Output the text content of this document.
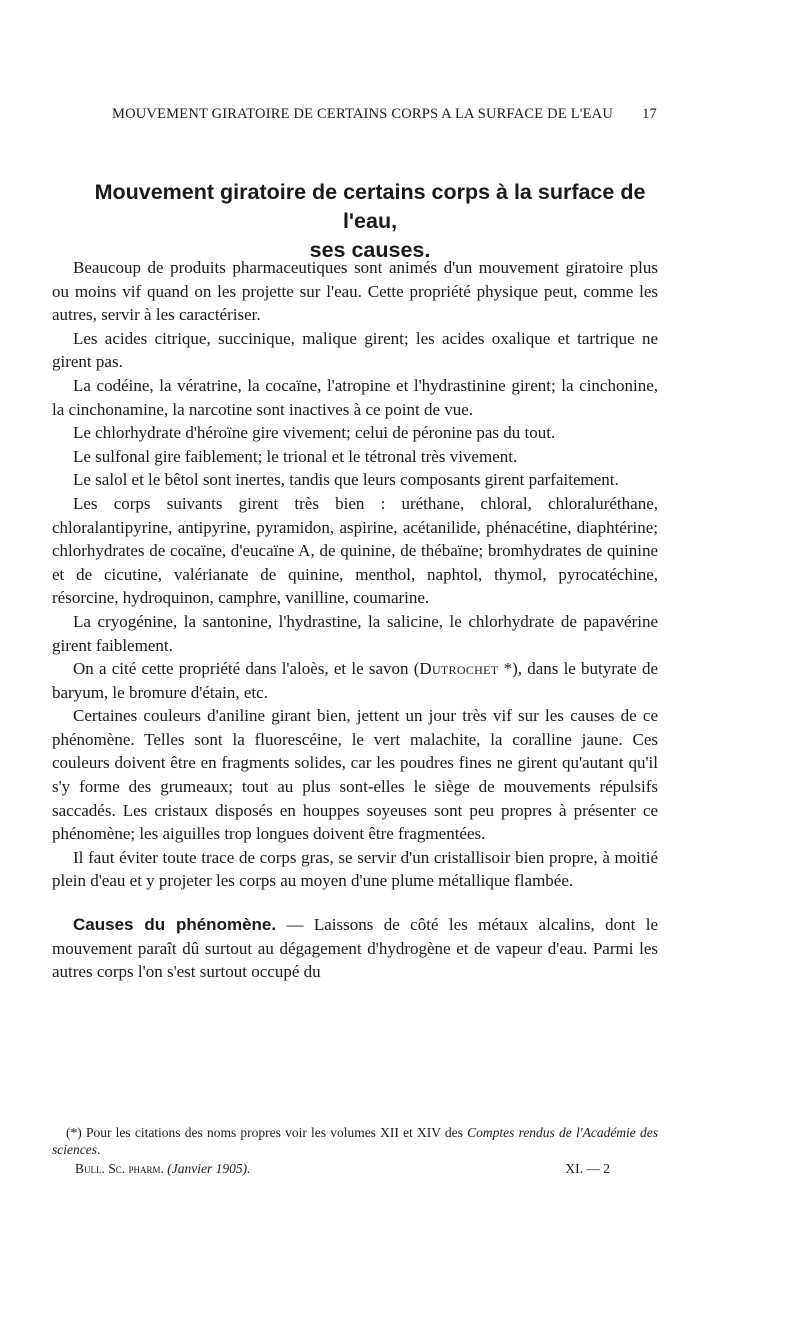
MOUVEMENT GIRATOIRE DE CERTAINS CORPS A LA SURFACE DE L'EAU 17
Mouvement giratoire de certains corps à la surface de l'eau,
ses causes.

Beaucoup de produits pharmaceutiques sont animés d'un mouvement giratoire plus ou moins vif quand on les projette sur l'eau. Cette propriété physique peut, comme les autres, servir à les caractériser.

Les acides citrique, succinique, malique girent; les acides oxalique et tartrique ne girent pas.

La codéine, la vératrine, la cocaïne, l'atropine et l'hydrastinine girent; la cinchonine, la cinchonamine, la narcotine sont inactives à ce point de vue.

Le chlorhydrate d'héroïne gire vivement; celui de péronine pas du tout.

Le sulfonal gire faiblement; le trional et le tétronal très vivement.

Le salol et le bêtol sont inertes, tandis que leurs composants girent parfaitement.

Les corps suivants girent très bien : uréthane, chloral, chloraluréthane, chloralantipyrine, antipyrine, pyramidon, aspirine, acétanilide, phénacétine, diaphtérine; chlorhydrates de cocaïne, d'eucaïne A, de quinine, de thébaïne; bromhydrates de quinine et de cicutine, valérianate de quinine, menthol, naphtol, thymol, pyrocatéchine, résorcine, hydroquinon, camphre, vanilline, coumarine.

La cryogénine, la santonine, l'hydrastine, la salicine, le chlorhydrate de papavérine girent faiblement.

On a cité cette propriété dans l'aloès, et le savon (Dutrochet *), dans le butyrate de baryum, le bromure d'étain, etc.

Certaines couleurs d'aniline girant bien, jettent un jour très vif sur les causes de ce phénomène. Telles sont la fluorescéine, le vert malachite, la coralline jaune. Ces couleurs doivent être en fragments solides, car les poudres fines ne girent qu'autant qu'il s'y forme des grumeaux; tout au plus sont-elles le siège de mouvements répulsifs saccadés. Les cristaux disposés en houppes soyeuses sont peu propres à présenter ce phénomène; les aiguilles trop longues doivent être fragmentées.

Il faut éviter toute trace de corps gras, se servir d'un cristallisoir bien propre, à moitié plein d'eau et y projeter les corps au moyen d'une plume métallique flambée.

Causes du phénomène. — Laissons de côté les métaux alcalins, dont le mouvement paraît dû surtout au dégagement d'hydrogène et de vapeur d'eau. Parmi les autres corps l'on s'est surtout occupé du

(*) Pour les citations des noms propres voir les volumes XII et XIV des Comptes rendus de l'Académie des sciences.

Bull. Sc. pharm. (Janvier 1905).	XI. — 2
